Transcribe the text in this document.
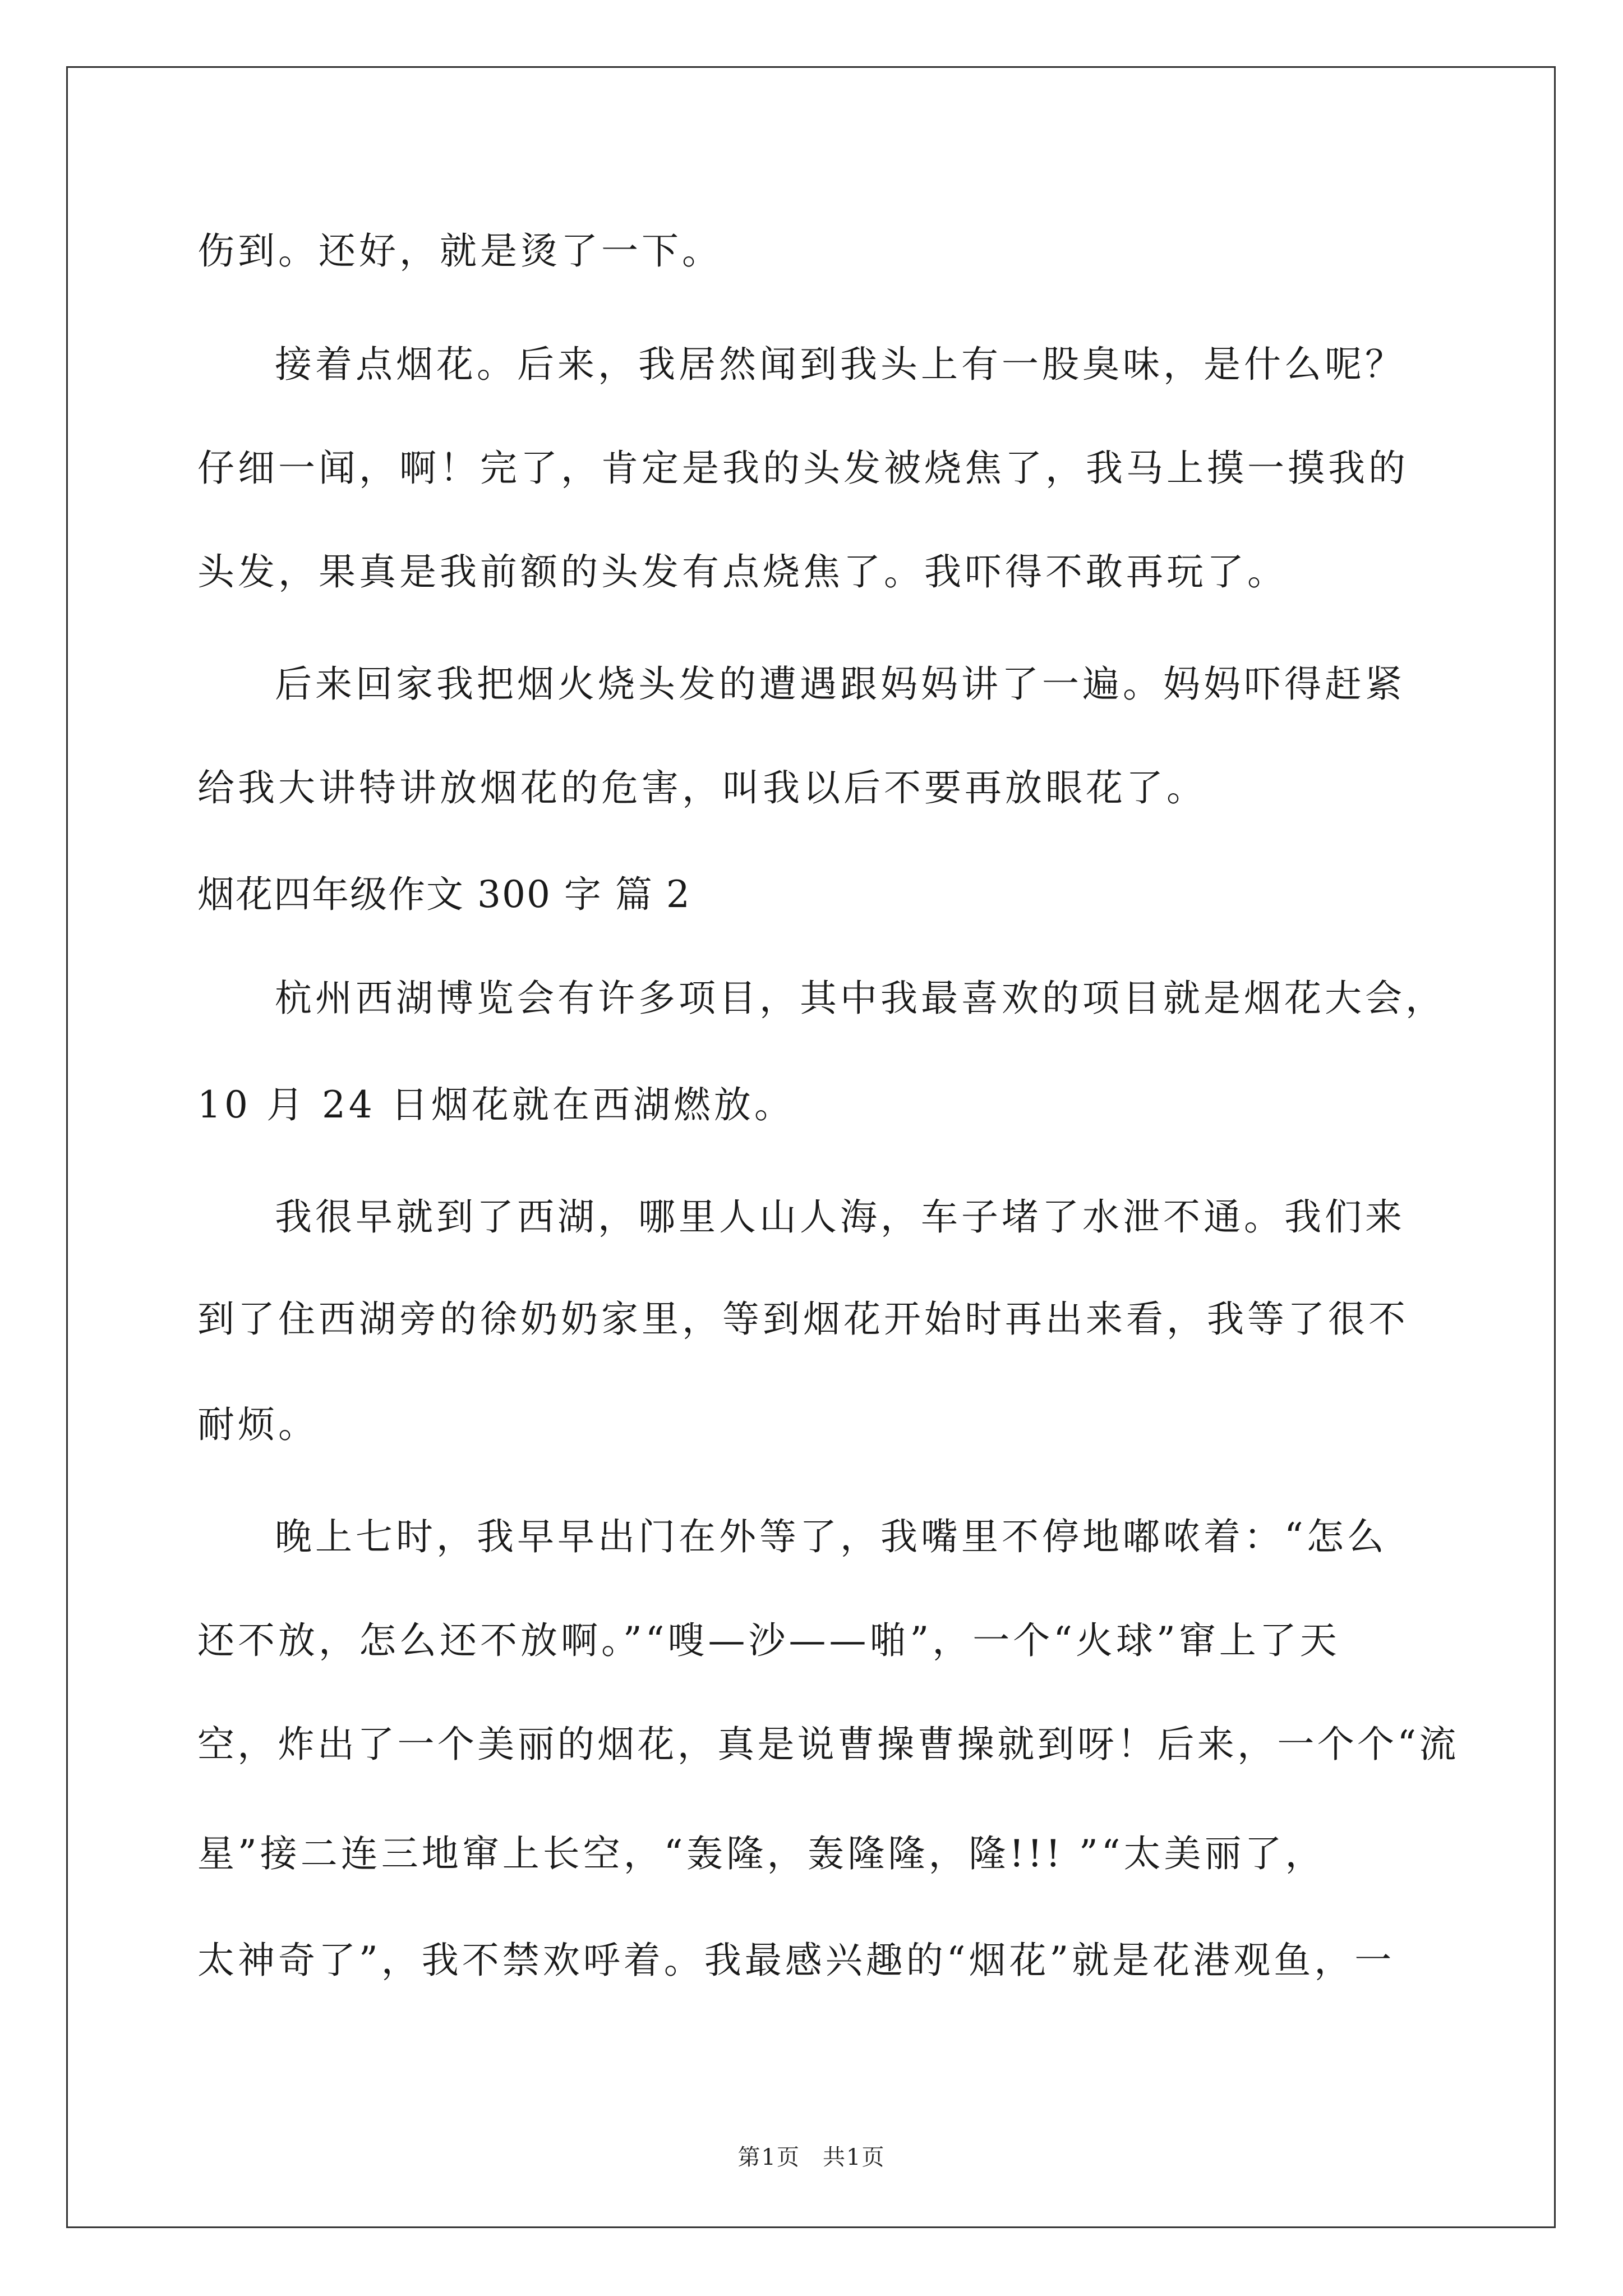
伤到。还好，就是烫了一下。
接着点烟花。后来，我居然闻到我头上有一股臭味，是什么呢？
仔细一闻，啊！完了，肯定是我的头发被烧焦了，我马上摸一摸我的
头发，果真是我前额的头发有点烧焦了。我吓得不敢再玩了。
后来回家我把烟火烧头发的遭遇跟妈妈讲了一遍。妈妈吓得赶紧
给我大讲特讲放烟花的危害，叫我以后不要再放眼花了。
烟花四年级作文 300 字 篇 2
杭州西湖博览会有许多项目，其中我最喜欢的项目就是烟花大会，
10 月 24 日烟花就在西湖燃放。
我很早就到了西湖，哪里人山人海，车子堵了水泄不通。我们来
到了住西湖旁的徐奶奶家里，等到烟花开始时再出来看，我等了很不
耐烦。
晚上七时，我早早出门在外等了，我嘴里不停地嘟哝着：“怎么
还不放，怎么还不放啊。”“嗖—沙——啪”，一个“火球”窜上了天
空，炸出了一个美丽的烟花，真是说曹操曹操就到呀！后来，一个个“流
星”接二连三地窜上长空，“轰隆，轰隆隆，隆!!! ”“太美丽了，
太神奇了”，我不禁欢呼着。我最感兴趣的“烟花”就是花港观鱼，一
第1页 共1页
